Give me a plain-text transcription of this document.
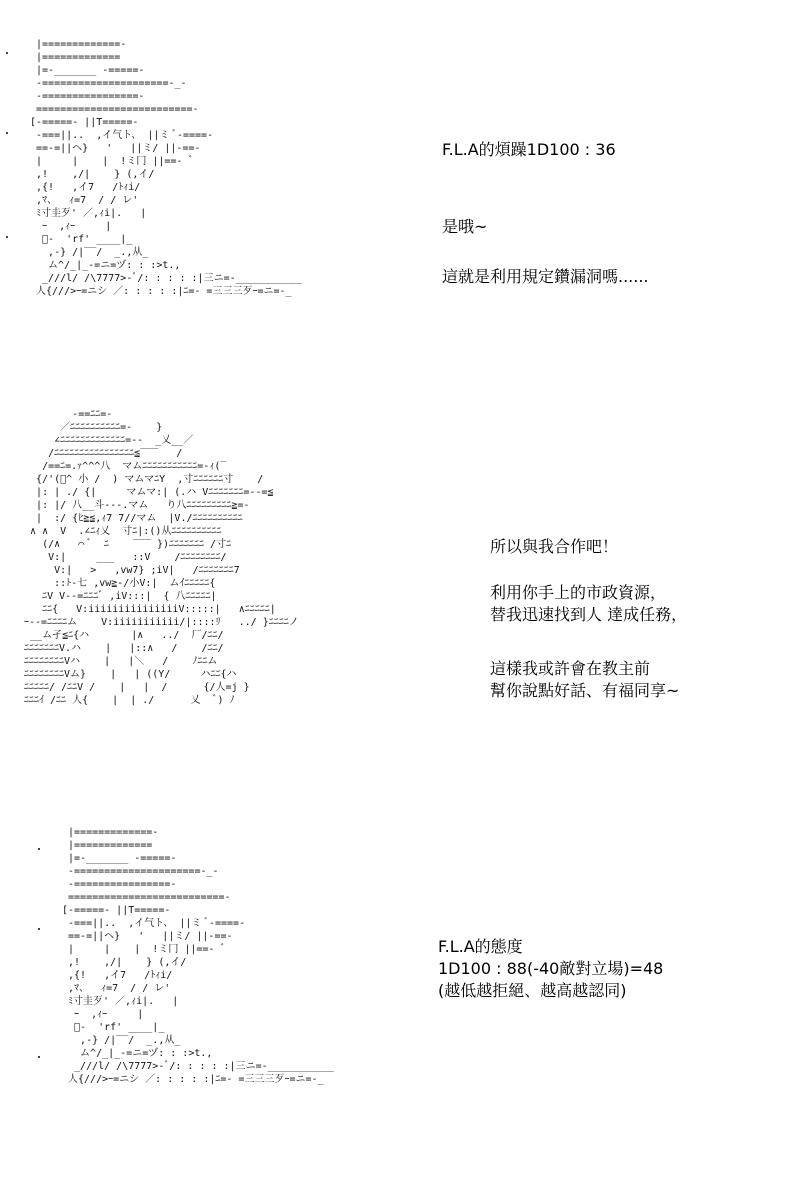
|=============-
|=============
|=-_______ -=====-
-=====================-_-
-================-
==========================-
[-=====- ||T=====-
-===||..  ,イ气ト、 ||ミ ﾞ-====-
==-=||ヘ}   '   ||ミ/ ||-==-
|     |    |  !ミ冂 ||==- ﾞ
,!    ,/|    } (,イ/
,{!   ,イ7   /ﾄｨi/
,ﾏ、  ｨ=7  / / レ'
ﾐ寸圭歹' ／,ｨi|.   |
ｰ  ,ｨｰ     |
ﾞ-  'rf' ____|_
,-} /|‾‾/  _.,从_
ム^/_|_-=ニ=ヅ: : :>t.,
_///l/ /\7777>-ﾞ/: : : : :|三ニ=-___________
人{///>ｰ=ニシ ／: : : : :|ﾆ=- =三三三歹ｰ=ニ=-_

F.L.A的煩躁1D100 : 36

是哦~

這就是利用規定鑽漏洞嗎......

-==ﾆﾆ=-
／ﾆﾆﾆﾆﾆﾆﾆﾆﾆﾆ=-    }
∠ﾆﾆﾆﾆﾆﾆﾆﾆﾆﾆﾆﾆﾆ=--  _乂__／
/ﾆﾆﾆﾆﾆﾆﾆﾆﾆﾆﾆﾆﾆﾆﾆﾆ≦‾‾‾   /
/==ﾆ=.ｧ^^^八  マムﾆﾆﾆﾆﾆﾆﾆﾆﾆﾆﾆ=-ｨ(‾
{/'(ﾞ^ 小 /  ) マムマﾆY  ,寸ﾆﾆﾆﾆﾆﾆ寸    /
|: | ./ {|     マムマ:| (.ハ Vﾆﾆﾆﾆﾆﾆﾆ=--=≦
|: |/ 八__斗---.マム   り八ﾆﾆﾆﾆﾆﾆﾆﾆﾆ≧=-
|  :/ {ﾋ≧≦,ｨ7 7//マム  |V./ﾆﾆﾆﾆﾆﾆﾆﾆﾆﾆ
∧ ∧  V  .∠ﾆｨ乂  寸ﾆ|:()从ﾆﾆﾆﾆﾆﾆﾆﾆﾆﾆ
(/∧   ⌒ ﾞ  ﾆ    ‾‾‾ })ﾆﾆﾆﾆﾆﾆﾆ /寸ﾆ
V:|     ___   ::V    /ﾆﾆﾆﾆﾆﾆﾆﾆ/
V:|   >   ,vw7} ;iV|   /ﾆﾆﾆﾆﾆﾆﾆ7
::ﾄ-七 ,vw≧-/小V:|  ムｲﾆﾆﾆﾆﾆ{
ﾆV V--=ﾆﾆﾆﾞ ,iV:::|  { 八ﾆﾆﾆﾆﾆ|
ﾆﾆ{   V:iiiiiiiiiiiiiiiV:::::|   ∧ﾆﾆﾆﾆﾆ|
ｰ--=ﾆﾆﾆﾆム    V:iiiiiiiiiii/|::::ﾘ   ../ }ﾆﾆﾆﾆノ
__ム孑≦ﾆ{ハ       |∧   ../  厂/ﾆﾆ/
ﾆﾆﾆﾆﾆﾆﾆV.ハ    |   |::∧   /    /ﾆﾆ/
ﾆﾆﾆﾆﾆﾆﾆﾆVハ    |   |＼   /    ﾉﾆﾆム
ﾆﾆﾆﾆﾆﾆﾆﾆVム}    |   | ((Y/     ハﾆﾆ{ハ
ﾆﾆﾆﾆﾆ/ /ﾆﾆV /    |   |  /      {/人=j }
ﾆﾆﾆｲ /ﾆﾆ 人{    |  | ./      乂  ﾞ) ﾉ

所以與我合作吧！

利用你手上的市政資源，

替我迅速找到人 達成任務，

這樣我或許會在教主前

幫你說點好話、有福同享~

|=============-
|=============
|=-_______ -=====-
-=====================-_-
-================-
==========================-
[-=====- ||T=====-
-===||..  ,イ气ト、 ||ミ ﾞ-====-
==-=||ヘ}   '   ||ミ/ ||-==-
|     |    |  !ミ冂 ||==- ﾞ
,!    ,/|    } (,イ/
,{!   ,イ7   /ﾄｨi/
,ﾏ、  ｨ=7  / / レ'
ﾐ寸圭歹' ／,ｨi|.   |
ｰ  ,ｨｰ     |
ﾞ-  'rf' ____|_
,-} /|‾‾/  _.,从_
ム^/_|_-=ニ=ヅ: : :>t.,
_///l/ /\7777>-ﾞ/: : : : :|三ニ=-___________
人{///>ｰ=ニシ ／: : : : :|ﾆ=- =三三三歹ｰ=ニ=-_

F.L.A的態度

1D100 : 88(-40敵對立場)=48

(越低越拒絕、越高越認同)
